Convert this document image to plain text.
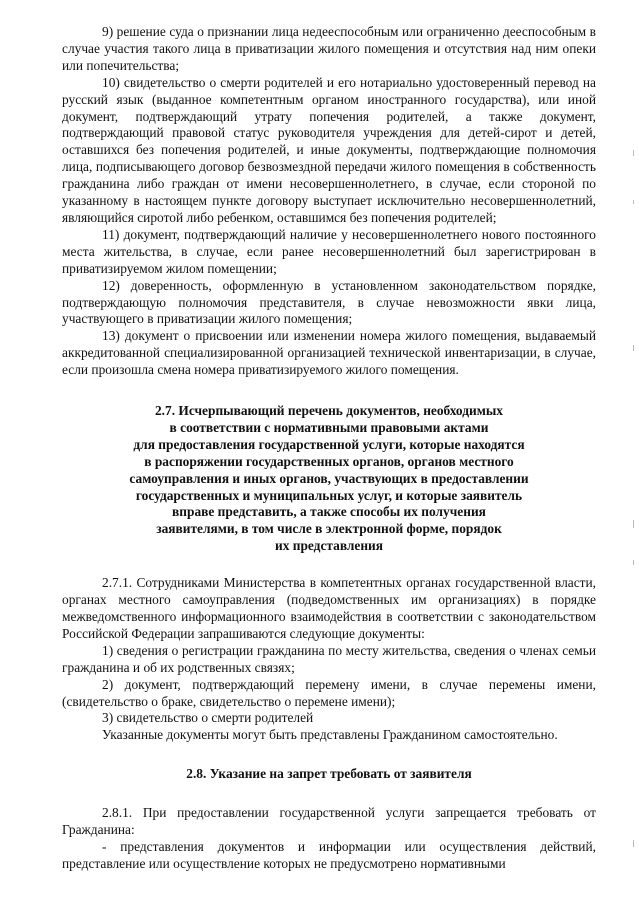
9) решение суда о признании лица недееспособным или ограниченно дееспособным в случае участия такого лица в приватизации жилого помещения и отсутствия над ним опеки или попечительства;

10) свидетельство о смерти родителей и его нотариально удостоверенный перевод на русский язык (выданное компетентным органом иностранного государства), или иной документ, подтверждающий утрату попечения родителей, а также документ, подтверждающий правовой статус руководителя учреждения для детей-сирот и детей, оставшихся без попечения родителей, и иные документы, подтверждающие полномочия лица, подписывающего договор безвозмездной передачи жилого помещения в собственность гражданина либо граждан от имени несовершеннолетнего, в случае, если стороной по указанному в настоящем пункте договору выступает исключительно несовершеннолетний, являющийся сиротой либо ребенком, оставшимся без попечения родителей;

11) документ, подтверждающий наличие у несовершеннолетнего нового постоянного места жительства, в случае, если ранее несовершеннолетний был зарегистрирован в приватизируемом жилом помещении;

12) доверенность, оформленную в установленном законодательством порядке, подтверждающую полномочия представителя, в случае невозможности явки лица, участвующего в приватизации жилого помещения;

13) документ о присвоении или изменении номера жилого помещения, выдаваемый аккредитованной специализированной организацией технической инвентаризации, в случае, если произошла смена номера приватизируемого жилого помещения.

2.7. Исчерпывающий перечень документов, необходимых
в соответствии с нормативными правовыми актами
для предоставления государственной услуги, которые находятся
в распоряжении государственных органов, органов местного
самоуправления и иных органов, участвующих в предоставлении
государственных и муниципальных услуг, и которые заявитель
вправе представить, а также способы их получения
заявителями, в том числе в электронной форме, порядок
их представления

2.7.1. Сотрудниками Министерства в компетентных органах государственной власти, органах местного самоуправления (подведомственных им организациях) в порядке межведомственного информационного взаимодействия в соответствии с законодательством Российской Федерации запрашиваются следующие документы:

1) сведения о регистрации гражданина по месту жительства, сведения о членах семьи гражданина и об их родственных связях;

2) документ, подтверждающий перемену имени, в случае перемены имени, (свидетельство о браке, свидетельство о перемене имени);

3) свидетельство о смерти родителей

Указанные документы могут быть представлены Гражданином самостоятельно.

2.8. Указание на запрет требовать от заявителя

2.8.1. При предоставлении государственной услуги запрещается требовать от Гражданина:

- представления документов и информации или осуществления действий, представление или осуществление которых не предусмотрено нормативными
